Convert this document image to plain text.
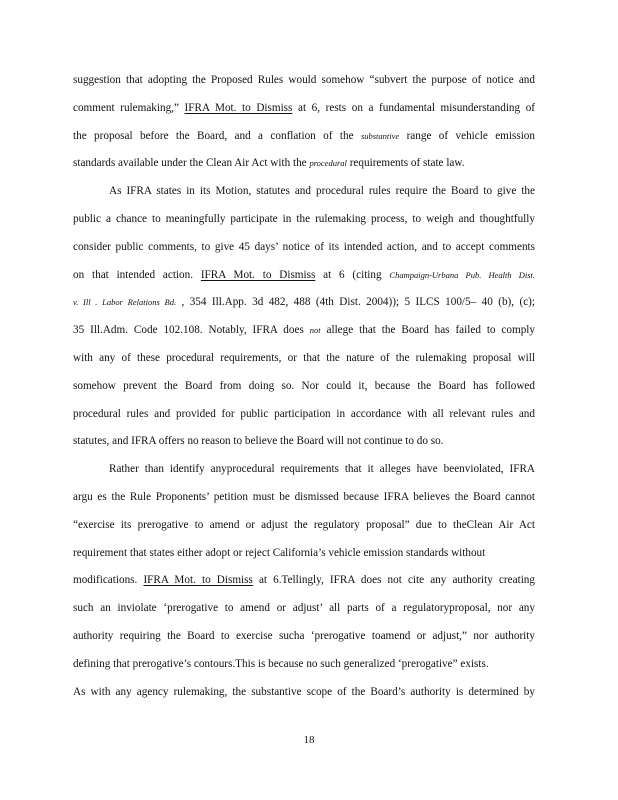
suggestion that adopting the Proposed Rules would somehow “subvert the purpose of notice and
comment rulemaking,” IFRA Mot. to Dismiss at 6, rests on a fundamental misunderstanding of
the proposal before the Board, and a conflation of the substantive range of vehicle emission
standards available under the Clean Air Act with the procedural requirements of state law.
As IFRA states in its Motion, statutes and procedural rules require the Board to give the
public a chance to meaningfully participate in the rulemaking process, to weigh and thoughtfully
consider public comments, to give 45 days’ notice of its intended action, and to accept comments
on that intended action. IFRA Mot. to Dismiss at 6 (citing Champaign-Urbana Pub. Health Dist.
v. Ill . Labor Relations Bd. , 354 Ill.App. 3d 482, 488 (4th Dist. 2004)); 5 ILCS 100/5– 40 (b), (c);
35 Ill.Adm. Code 102.108. Notably, IFRA does not allege that the Board has failed to comply
with any of these procedural requirements, or that the nature of the rulemaking proposal will
somehow prevent the Board from doing so. Nor could it, because the Board has followed
procedural rules and provided for public participation in accordance with all relevant rules and
statutes, and IFRA offers no reason to believe the Board will not continue to do so.
Rather than identify anyprocedural requirements that it alleges have beenviolated, IFRA
argu es the Rule Proponents’ petition must be dismissed because IFRA believes the Board cannot
“exercise its prerogative to amend or adjust the regulatory proposal” due to theClean Air Act
requirement that states either adopt or reject California’s vehicle emission standards without
modifications. IFRA Mot. to Dismiss at 6.Tellingly, IFRA does not cite any authority creating
such an inviolate ‘prerogative to amend or adjust’ all parts of a regulatoryproposal, nor any
authority requiring the Board to exercise sucha ‘prerogative toamend or adjust,” nor authority
defining that prerogative’s contours.This is because no such generalized ‘prerogative” exists.
As with any agency rulemaking, the substantive scope of the Board’s authority is determined by
18
